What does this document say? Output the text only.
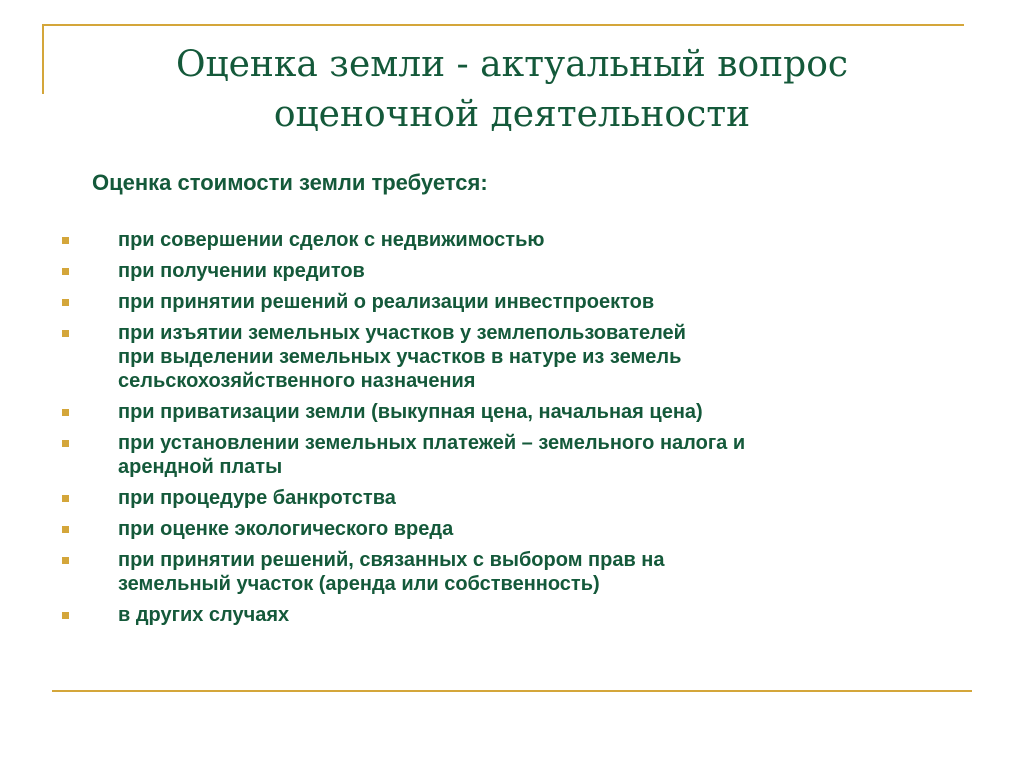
Оценка земли - актуальный вопрос
оценочной деятельности

Оценка стоимости земли требуется:

при совершении сделок с недвижимостью
при получении кредитов
при принятии решений о реализации инвестпроектов
при изъятии земельных участков у землепользователей
при выделении земельных участков в натуре из земель
сельскохозяйственного назначения
при приватизации земли (выкупная цена, начальная цена)
при установлении земельных платежей – земельного налога и
арендной платы
при процедуре банкротства
при оценке экологического вреда
при принятии решений, связанных с выбором прав на
земельный участок (аренда или собственность)
в других случаях
